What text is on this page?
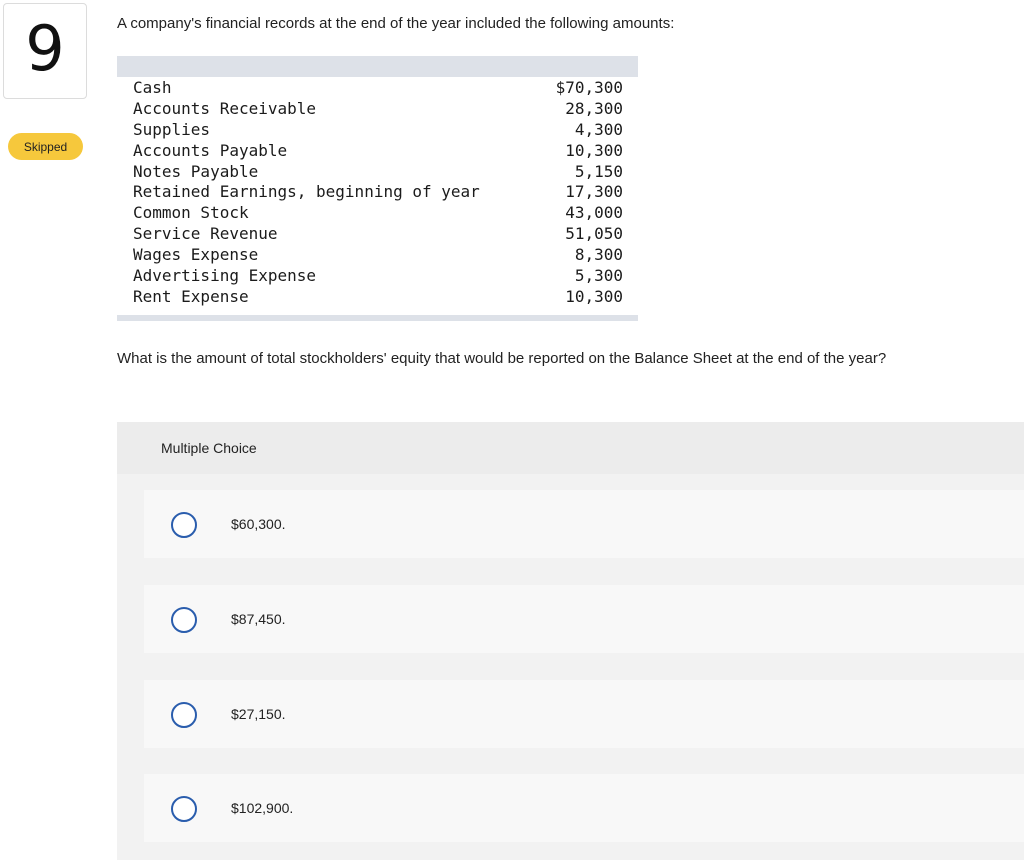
9
Skipped
A company's financial records at the end of the year included the following amounts:
Cash	$70,300
Accounts Receivable	28,300
Supplies	4,300
Accounts Payable	10,300
Notes Payable	5,150
Retained Earnings, beginning of year	17,300
Common Stock	43,000
Service Revenue	51,050
Wages Expense	8,300
Advertising Expense	5,300
Rent Expense	10,300
What is the amount of total stockholders' equity that would be reported on the Balance Sheet at the end of the year?
Multiple Choice
$60,300.
$87,450.
$27,150.
$102,900.
